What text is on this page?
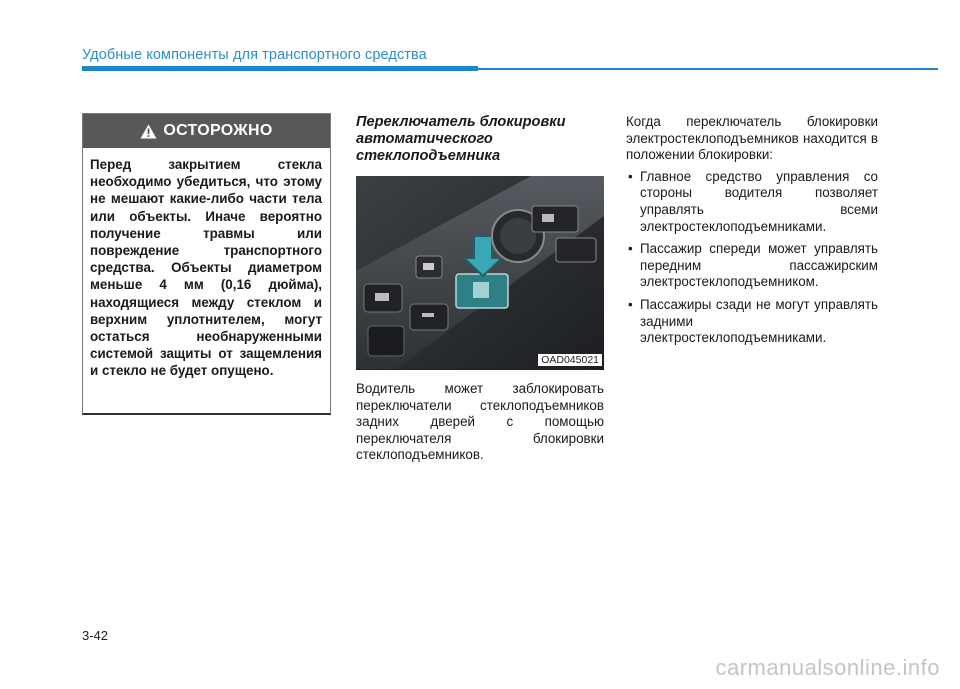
Удобные компоненты для транспортного средства
ОСТОРОЖНО
Перед закрытием стекла необходимо убедиться, что этому не мешают какие-либо части тела или объекты. Иначе вероятно получение травмы или повреждение транспортного средства. Объекты диаметром меньше 4 мм (0,16 дюйма), находящиеся между стеклом и верхним уплотнителем, могут остаться необнаруженными системой защиты от защемления и стекло не будет опущено.
Переключатель блокировки автоматического стеклоподъемника
OAD045021
Водитель может заблокировать переключатели стеклоподъемников задних дверей с помощью переключателя блокировки стеклоподъемников.

Когда переключатель блокировки электростеклоподъемников находится в положении блокировки:

• Главное средство управления со стороны водителя позволяет управлять всеми электростеклоподъемниками.
• Пассажир спереди может управлять передним пассажирским электростеклоподъемником.
• Пассажиры сзади не могут управлять задними электростеклоподъемниками.
3-42
carmanualsonline.info
